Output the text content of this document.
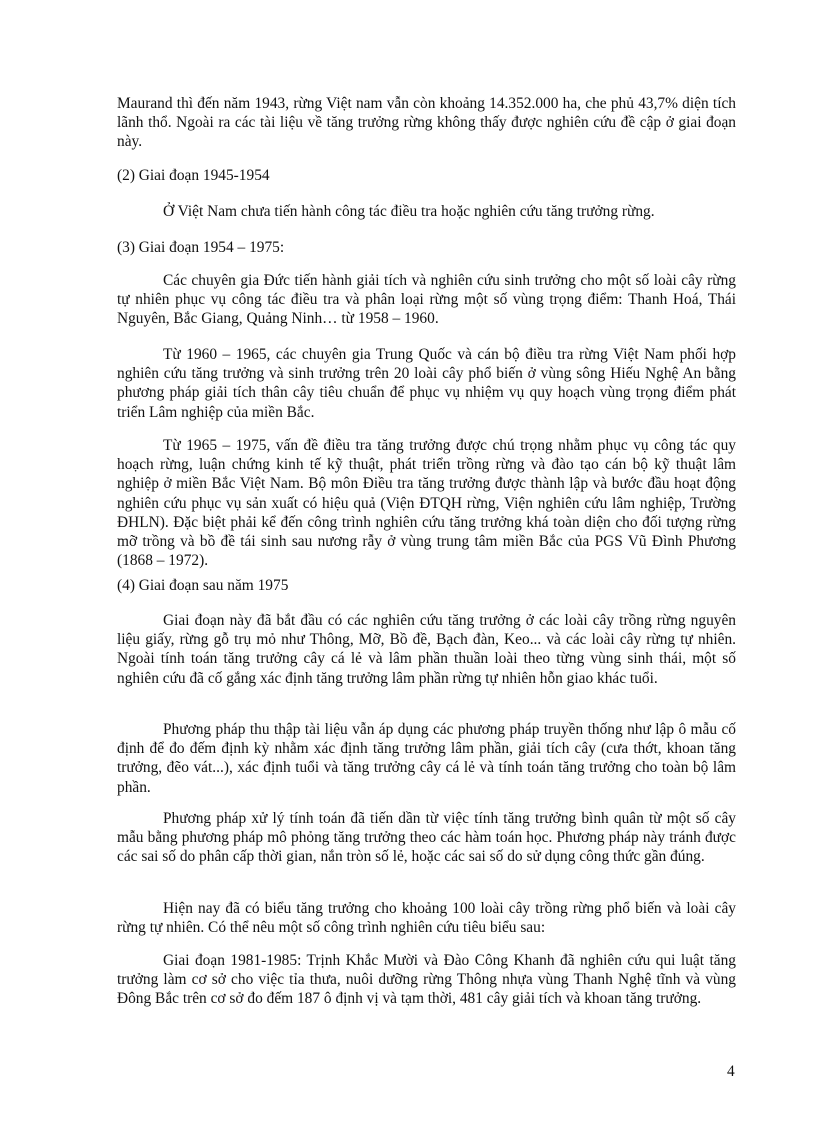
Maurand thì đến năm 1943, rừng Việt nam vẫn còn khoảng 14.352.000 ha, che phủ 43,7% diện tích lãnh thổ. Ngoài ra các tài liệu về tăng trưởng rừng không thấy được nghiên cứu đề cập ở giai đoạn này.

(2) Giai đoạn 1945-1954

Ở Việt Nam chưa tiến hành công tác điều tra hoặc nghiên cứu tăng trưởng rừng.

(3) Giai đoạn 1954 – 1975:

Các chuyên gia Đức tiến hành giải tích và nghiên cứu sinh trưởng cho một số loài cây rừng tự nhiên phục vụ công tác điều tra và phân loại rừng một số vùng trọng điểm: Thanh Hoá, Thái Nguyên, Bắc Giang, Quảng Ninh… từ 1958 – 1960.

Từ 1960 – 1965, các chuyên gia Trung Quốc và cán bộ điều tra rừng Việt Nam phối hợp nghiên cứu tăng trưởng và sinh trưởng trên 20 loài cây phổ biến ở vùng sông Hiếu Nghệ An bằng phương pháp giải tích thân cây tiêu chuẩn để phục vụ nhiệm vụ quy hoạch vùng trọng điểm phát triển Lâm nghiệp của miền Bắc.

Từ 1965 – 1975, vấn đề điều tra tăng trưởng được chú trọng nhằm phục vụ công tác quy hoạch rừng, luận chứng kinh tế kỹ thuật, phát triển trồng rừng và đào tạo cán bộ kỹ thuật lâm nghiệp ở miền Bắc Việt Nam. Bộ môn Điều tra tăng trưởng được thành lập và bước đầu hoạt động nghiên cứu phục vụ sản xuất có hiệu quả (Viện ĐTQH rừng, Viện nghiên cứu lâm nghiệp, Trường ĐHLN). Đặc biệt phải kể đến công trình nghiên cứu tăng trưởng khá toàn diện cho đối tượng rừng mỡ trồng và bồ đề tái sinh sau nương rẫy ở vùng trung tâm miền Bắc của PGS Vũ Đình Phương (1868 – 1972).

(4) Giai đoạn sau năm 1975

Giai đoạn này đã bắt đầu có các nghiên cứu tăng trưởng ở các loài cây trồng rừng nguyên liệu giấy, rừng gỗ trụ mỏ như Thông, Mỡ, Bồ đề, Bạch đàn, Keo... và các loài cây rừng tự nhiên. Ngoài tính toán tăng trưởng cây cá lẻ và lâm phần thuần loài theo từng vùng sinh thái, một số nghiên cứu đã cố gắng xác định tăng trưởng lâm phần rừng tự nhiên hỗn giao khác tuổi.

Phương pháp thu thập tài liệu vẫn áp dụng các phương pháp truyền thống như lập ô mẫu cố định để đo đếm định kỳ nhằm xác định tăng trưởng lâm phần, giải tích cây (cưa thớt, khoan tăng trưởng, đẽo vát...), xác định tuổi và tăng trưởng cây cá lẻ và tính toán tăng trưởng cho toàn bộ lâm phần.

Phương pháp xử lý tính toán đã tiến dần từ việc tính tăng trưởng bình quân từ một số cây mẫu bằng phương pháp mô phỏng tăng trưởng theo các hàm toán học. Phương pháp này tránh được các sai số do phân cấp thời gian, nắn tròn số lẻ, hoặc các sai số do sử dụng công thức gần đúng.

Hiện nay đã có biểu tăng trưởng cho khoảng 100 loài cây trồng rừng phổ biến và loài cây rừng tự nhiên. Có thể nêu một số công trình nghiên cứu tiêu biểu sau:

Giai đoạn 1981-1985: Trịnh Khắc Mười và Đào Công Khanh đã nghiên cứu qui luật tăng trưởng làm cơ sở cho việc tỉa thưa, nuôi dưỡng rừng Thông nhựa vùng Thanh Nghệ tĩnh và vùng Đông Bắc trên cơ sở đo đếm 187 ô định vị và tạm thời, 481 cây giải tích và khoan tăng trưởng.

4
